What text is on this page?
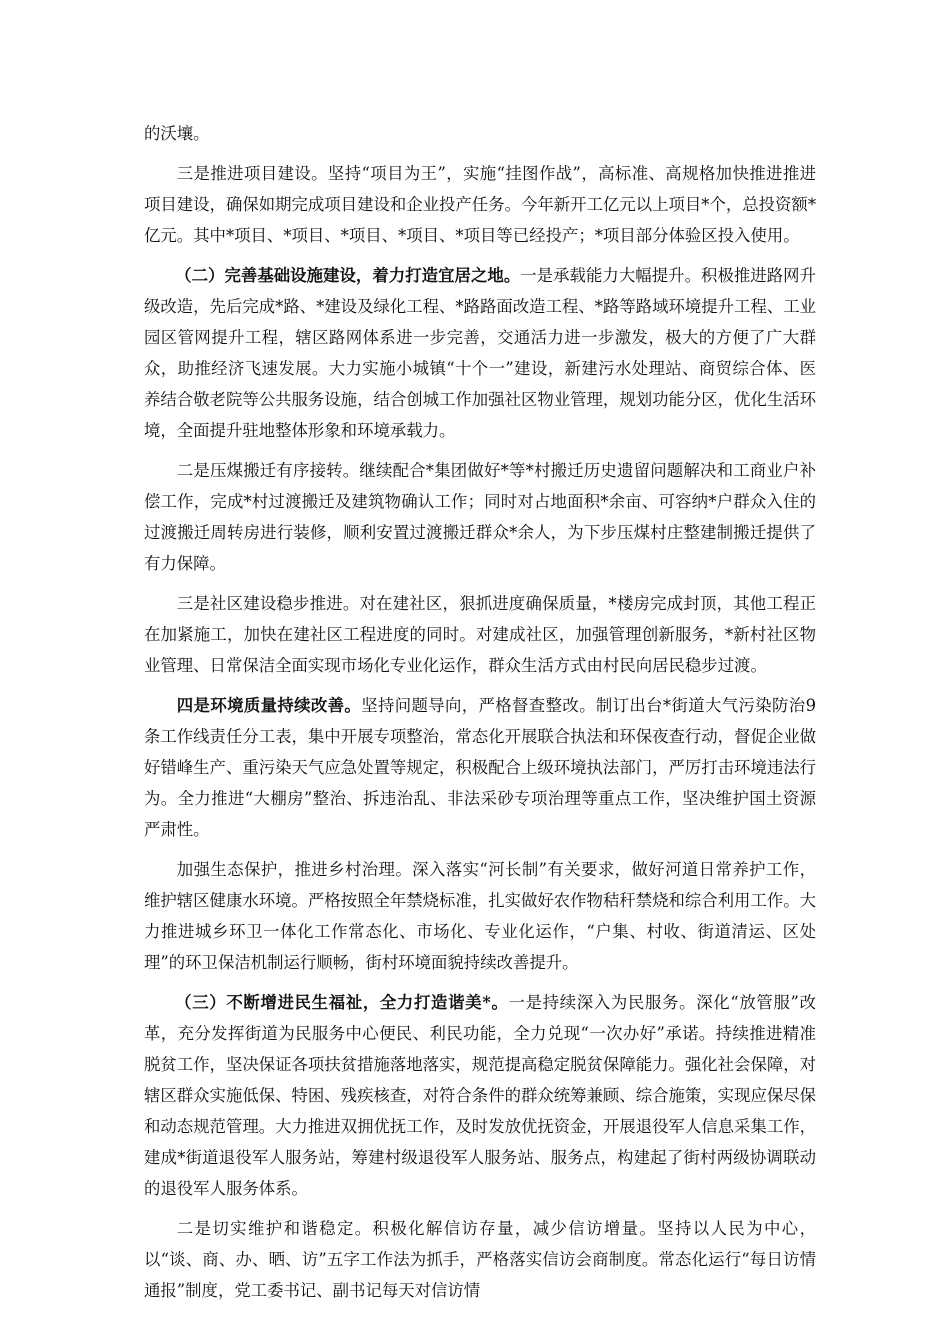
的沃壤。

三是推进项目建设。坚持“项目为王”，实施“挂图作战”，高标准、高规格加快推进推进项目建设，确保如期完成项目建设和企业投产任务。今年新开工亿元以上项目*个，总投资额*亿元。其中*项目、*项目、*项目、*项目、*项目等已经投产；*项目部分体验区投入使用。

（二）完善基础设施建设，着力打造宜居之地。一是承载能力大幅提升。积极推进路网升级改造，先后完成*路、*建设及绿化工程、*路路面改造工程、*路等路域环境提升工程、工业园区管网提升工程，辖区路网体系进一步完善，交通活力进一步激发，极大的方便了广大群众，助推经济飞速发展。大力实施小城镇“十个一”建设，新建污水处理站、商贸综合体、医养结合敬老院等公共服务设施，结合创城工作加强社区物业管理，规划功能分区，优化生活环境，全面提升驻地整体形象和环境承载力。

二是压煤搬迁有序接转。继续配合*集团做好*等*村搬迁历史遗留问题解决和工商业户补偿工作，完成*村过渡搬迁及建筑物确认工作；同时对占地面积*余亩、可容纳*户群众入住的过渡搬迁周转房进行装修，顺利安置过渡搬迁群众*余人，为下步压煤村庄整建制搬迁提供了有力保障。

三是社区建设稳步推进。对在建社区，狠抓进度确保质量，*楼房完成封顶，其他工程正在加紧施工，加快在建社区工程进度的同时。对建成社区，加强管理创新服务，*新村社区物业管理、日常保洁全面实现市场化专业化运作，群众生活方式由村民向居民稳步过渡。

四是环境质量持续改善。坚持问题导向，严格督查整改。制订出台*街道大气污染防治9条工作线责任分工表，集中开展专项整治，常态化开展联合执法和环保夜查行动，督促企业做好错峰生产、重污染天气应急处置等规定，积极配合上级环境执法部门，严厉打击环境违法行为。全力推进“大棚房”整治、拆违治乱、非法采砂专项治理等重点工作，坚决维护国土资源严肃性。

加强生态保护，推进乡村治理。深入落实“河长制”有关要求，做好河道日常养护工作，维护辖区健康水环境。严格按照全年禁烧标准，扎实做好农作物秸秆禁烧和综合利用工作。大力推进城乡环卫一体化工作常态化、市场化、专业化运作，“户集、村收、街道清运、区处理”的环卫保洁机制运行顺畅，街村环境面貌持续改善提升。

（三）不断增进民生福祉，全力打造谐美*。一是持续深入为民服务。深化“放管服”改革，充分发挥街道为民服务中心便民、利民功能，全力兑现“一次办好”承诺。持续推进精准脱贫工作，坚决保证各项扶贫措施落地落实，规范提高稳定脱贫保障能力。强化社会保障，对辖区群众实施低保、特困、残疾核查，对符合条件的群众统筹兼顾、综合施策，实现应保尽保和动态规范管理。大力推进双拥优抚工作，及时发放优抚资金，开展退役军人信息采集工作，建成*街道退役军人服务站，筹建村级退役军人服务站、服务点，构建起了街村两级协调联动的退役军人服务体系。

二是切实维护和谐稳定。积极化解信访存量，减少信访增量。坚持以人民为中心，以“谈、商、办、晒、访”五字工作法为抓手，严格落实信访会商制度。常态化运行“每日访情通报”制度，党工委书记、副书记每天对信访情
